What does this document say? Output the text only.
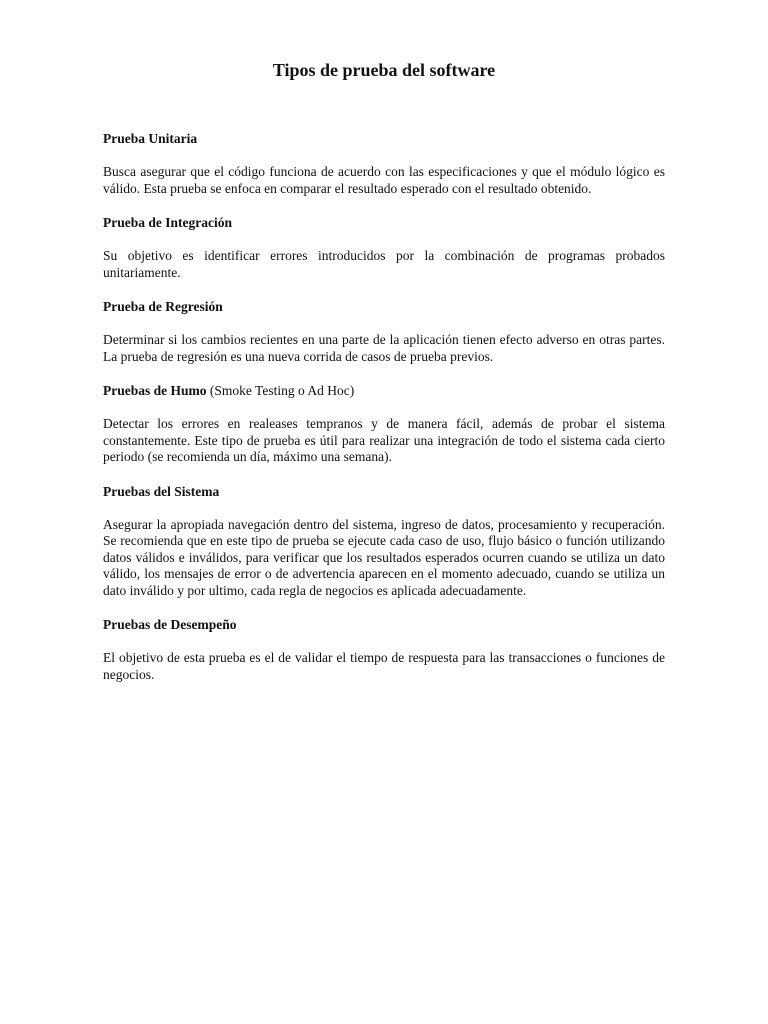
Tipos de prueba del software

Prueba Unitaria

Busca asegurar que el código funciona de acuerdo con las especificaciones y que el módulo lógico es válido. Esta prueba se enfoca en comparar el resultado esperado con el resultado obtenido.

Prueba de Integración

Su objetivo es identificar errores introducidos por la combinación de programas probados unitariamente.

Prueba de Regresión

Determinar si los cambios recientes en una parte de la aplicación tienen efecto adverso en otras partes. La prueba de regresión es una nueva corrida de casos de prueba previos.

Pruebas de Humo (Smoke Testing o Ad Hoc)

Detectar los errores en realeases tempranos y de manera fácil, además de probar el sistema constantemente. Este tipo de prueba es útil para realizar una integración de todo el sistema cada cierto periodo (se recomienda un día, máximo una semana).

Pruebas del Sistema

Asegurar la apropiada navegación dentro del sistema, ingreso de datos, procesamiento y recuperación. Se recomienda que en este tipo de prueba se ejecute cada caso de uso, flujo básico o función utilizando datos válidos e inválidos, para verificar que los resultados esperados ocurren cuando se utiliza un dato válido, los mensajes de error o de advertencia aparecen en el momento adecuado, cuando se utiliza un dato inválido y por ultimo, cada regla de negocios es aplicada adecuadamente.

Pruebas de Desempeño

El objetivo de esta prueba es el de validar el tiempo de respuesta para las transacciones o funciones de negocios.
